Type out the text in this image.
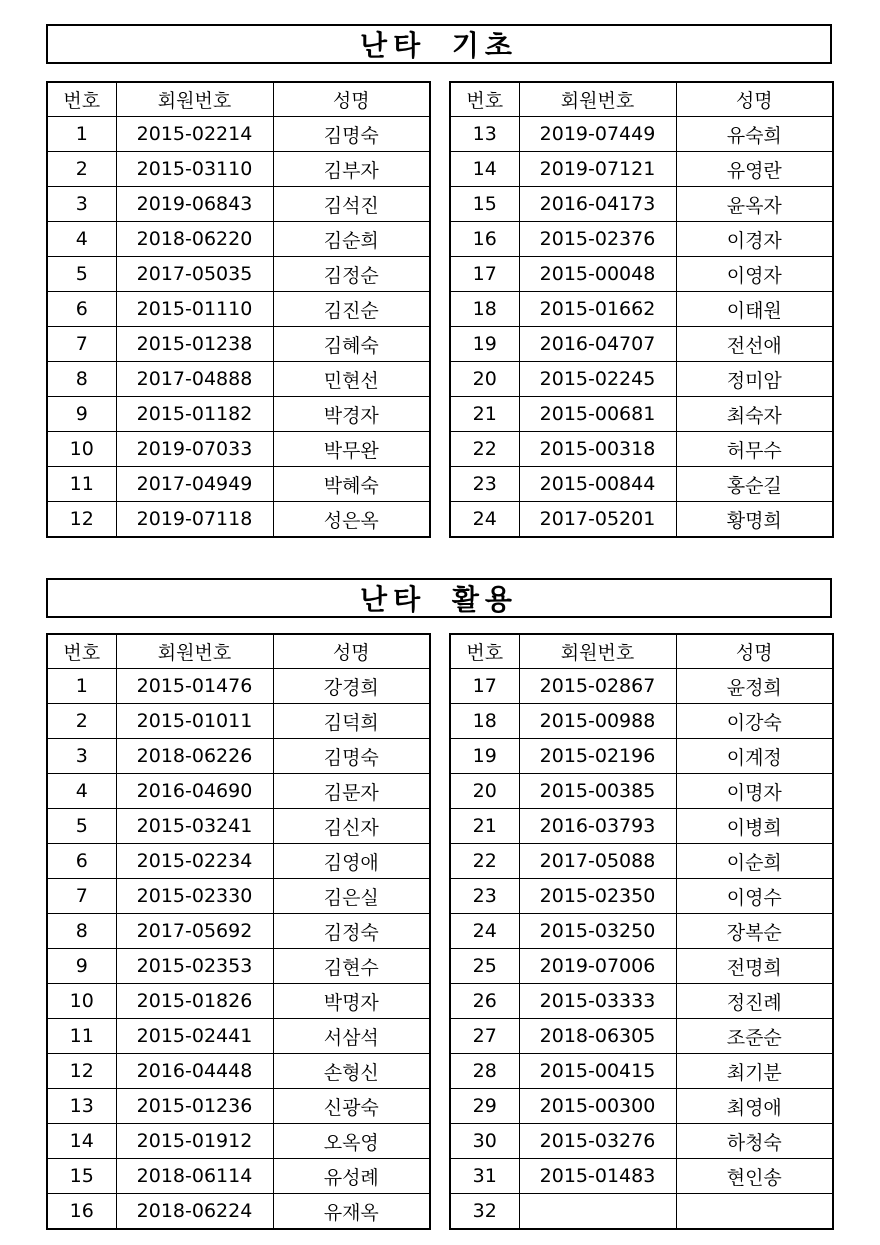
난타 기초
번호	회원번호	성명
1	2015-02214	김명숙
2	2015-03110	김부자
3	2019-06843	김석진
4	2018-06220	김순희
5	2017-05035	김정순
6	2015-01110	김진순
7	2015-01238	김혜숙
8	2017-04888	민현선
9	2015-01182	박경자
10	2019-07033	박무완
11	2017-04949	박혜숙
12	2019-07118	성은옥
번호	회원번호	성명
13	2019-07449	유숙희
14	2019-07121	유영란
15	2016-04173	윤옥자
16	2015-02376	이경자
17	2015-00048	이영자
18	2015-01662	이태원
19	2016-04707	전선애
20	2015-02245	정미암
21	2015-00681	최숙자
22	2015-00318	허무수
23	2015-00844	홍순길
24	2017-05201	황명희
난타 활용
번호	회원번호	성명
1	2015-01476	강경희
2	2015-01011	김덕희
3	2018-06226	김명숙
4	2016-04690	김문자
5	2015-03241	김신자
6	2015-02234	김영애
7	2015-02330	김은실
8	2017-05692	김정숙
9	2015-02353	김현수
10	2015-01826	박명자
11	2015-02441	서삼석
12	2016-04448	손형신
13	2015-01236	신광숙
14	2015-01912	오옥영
15	2018-06114	유성례
16	2018-06224	유재옥
번호	회원번호	성명
17	2015-02867	윤정희
18	2015-00988	이강숙
19	2015-02196	이계정
20	2015-00385	이명자
21	2016-03793	이병희
22	2017-05088	이순희
23	2015-02350	이영수
24	2015-03250	장복순
25	2019-07006	전명희
26	2015-03333	정진례
27	2018-06305	조준순
28	2015-00415	최기분
29	2015-00300	최영애
30	2015-03276	하청숙
31	2015-01483	현인송
32		
